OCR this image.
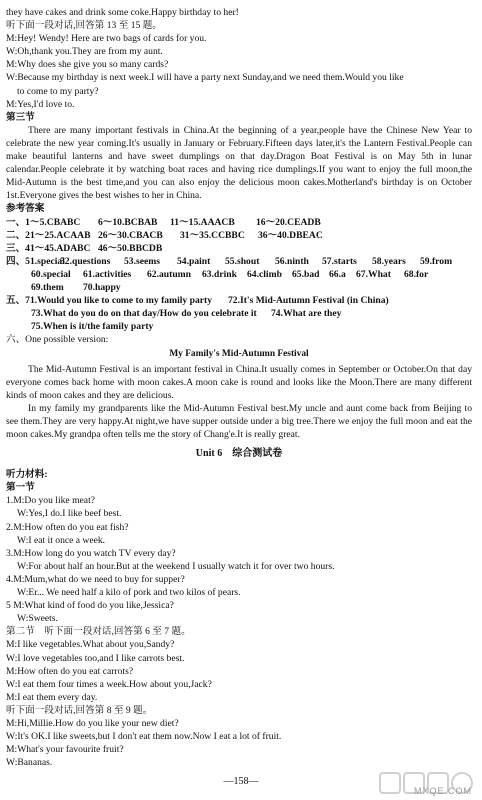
they have cakes and drink some coke.Happy birthday to her!
听下面一段对话,回答第 13 至 15 题。
M:Hey! Wendy! Here are two bags of cards for you.
W:Oh,thank you.They are from my aunt.
M:Why does she give you so many cards?
W:Because my birthday is next week.I will have a party next Sunday,and we need them.Would you like
to come to my party?
M:Yes,I'd love to.
第三节
There are many important festivals in China.At the beginning of a year,people have the Chinese New Year to celebrate the new year coming.It's usually in January or February.Fifteen days later,it's the Lantern Festival.People can make beautiful lanterns and have sweet dumplings on that day.Dragon Boat Festival is on May 5th in lunar calendar.People celebrate it by watching boat races and having rice dumplings.If you want to enjoy the full moon,the Mid-Autumn is the best time,and you can also enjoy the delicious moon cakes.Motherland's birthday is on October 1st.Everyone gives the best wishes to her in China.
参考答案
一、1～5.CBABC	6～10.BCBAB	11～15.AAACB	16～20.CEADB
二、21～25.ACAAB 26～30.CBACB	31～35.CCBBC	36～40.DBEAC
三、41～45.ADABC 46～50.BBCDB
四、51.special
52.questions	53.seems	54.paint	55.shout	56.ninth	57.starts	58.years	59.from
60.special	61.activities	62.autumn	63.drink	64.climb	65.bad 66.a	67.What	68.for
69.them	70.happy
五、71.Would you like to come to my family party	72.It's Mid-Autumn Festival (in China)
73.What do you do on that day/How do you celebrate it	74.What are they
75.When is it/the family party
六、One possible version:
My Family's Mid-Autumn Festival
The Mid-Autumn Festival is an important festival in China.It usually comes in September or October.On that day everyone comes back home with moon cakes.A moon cake is round and looks like the Moon.There are many different kinds of moon cakes and they are delicious.
In my family my grandparents like the Mid-Autumn Festival best.My uncle and aunt come back from Beijing to see them.They are very happy.At night,we have supper outside under a big tree.There we enjoy the full moon and eat the moon cakes.My grandpa often tells me the story of Chang'e.It is really great.
Unit 6　综合测试卷
听力材料:
第一节
1.M:Do you like meat?
W:Yes,I do.I like beef best.
2.M:How often do you eat fish?
W:I eat it once a week.
3.M:How long do you watch TV every day?
W:For about half an hour.But at the weekend I usually watch it for over two hours.
4.M:Mum,what do we need to buy for supper?
W:Er... We need half a kilo of pork and two kilos of pears.
5 M:What kind of food do you like,Jessica?
W:Sweets.
第二节　听下面一段对话,回答第 6 至 7 题。
M:I like vegetables.What about you,Sandy?
W:I love vegetables too,and I like carrots best.
M:How often do you eat carrots?
W:I eat them four times a week.How about you,Jack?
M:I eat them every day.
听下面一段对话,回答第 8 至 9 题。
M:Hi,Millie.How do you like your new diet?
W:It's OK.I like sweets,but I don't eat them now.Now I eat a lot of fruit.
M:What's your favourite fruit?
W:Bananas.
—158—
MXQE.COM
